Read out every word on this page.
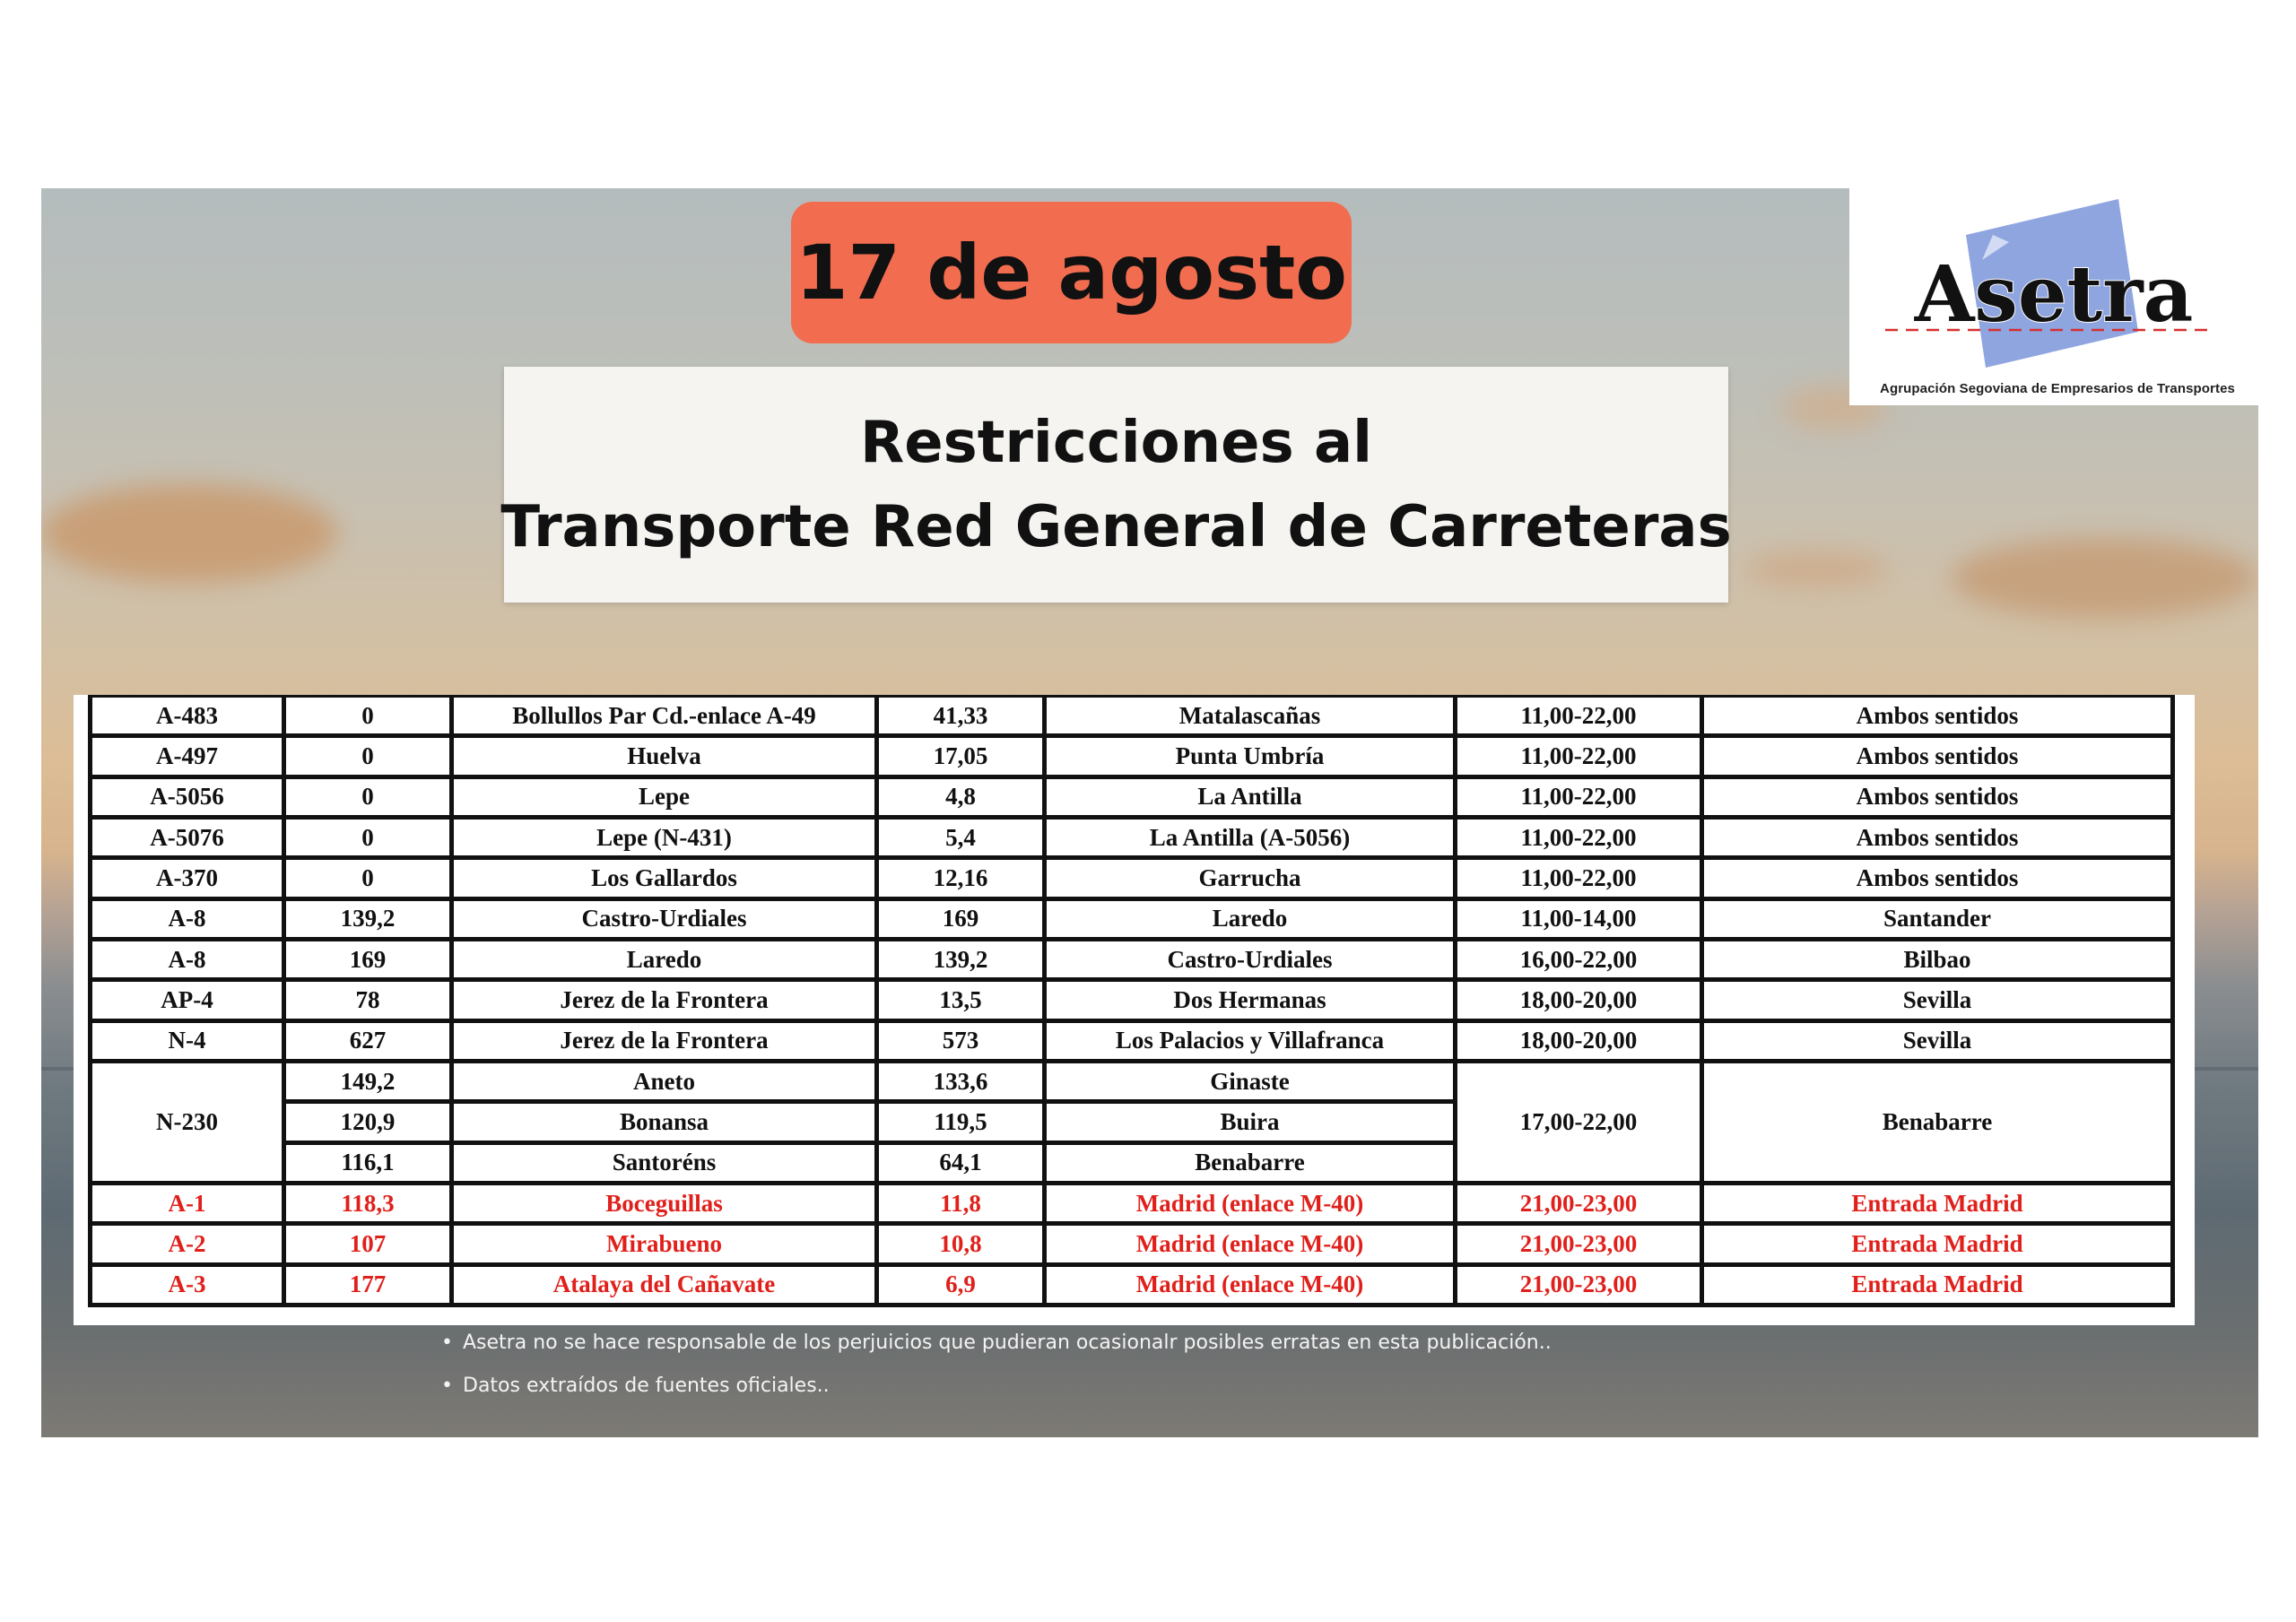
17 de agosto	Asetra
Agrupación Segoviana de Empresarios de Transportes
Restricciones al
Transporte Red General de Carreteras
A-483	0	Bollullos Par Cd.-enlace A-49	41,33	Matalascañas	11,00-22,00	Ambos sentidos
A-497	0	Huelva	17,05	Punta Umbría	11,00-22,00	Ambos sentidos
A-5056	0	Lepe	4,8	La Antilla	11,00-22,00	Ambos sentidos
A-5076	0	Lepe (N-431)	5,4	La Antilla (A-5056)	11,00-22,00	Ambos sentidos
A-370	0	Los Gallardos	12,16	Garrucha	11,00-22,00	Ambos sentidos
A-8	139,2	Castro-Urdiales	169	Laredo	11,00-14,00	Santander
A-8	169	Laredo	139,2	Castro-Urdiales	16,00-22,00	Bilbao
AP-4	78	Jerez de la Frontera	13,5	Dos Hermanas	18,00-20,00	Sevilla
N-4	627	Jerez de la Frontera	573	Los Palacios y Villafranca	18,00-20,00	Sevilla
N-230	149,2	Aneto	133,6	Ginaste	17,00-22,00	Benabarre
	120,9	Bonansa	119,5	Buira		
	116,1	Santoréns	64,1	Benabarre		
A-1	118,3	Boceguillas	11,8	Madrid (enlace M-40)	21,00-23,00	Entrada Madrid
A-2	107	Mirabueno	10,8	Madrid (enlace M-40)	21,00-23,00	Entrada Madrid
A-3	177	Atalaya del Cañavate	6,9	Madrid (enlace M-40)	21,00-23,00	Entrada Madrid
• Asetra no se hace responsable de los perjuicios que pudieran ocasionalr posibles erratas en esta publicación..
• Datos extraídos de fuentes oficiales..
